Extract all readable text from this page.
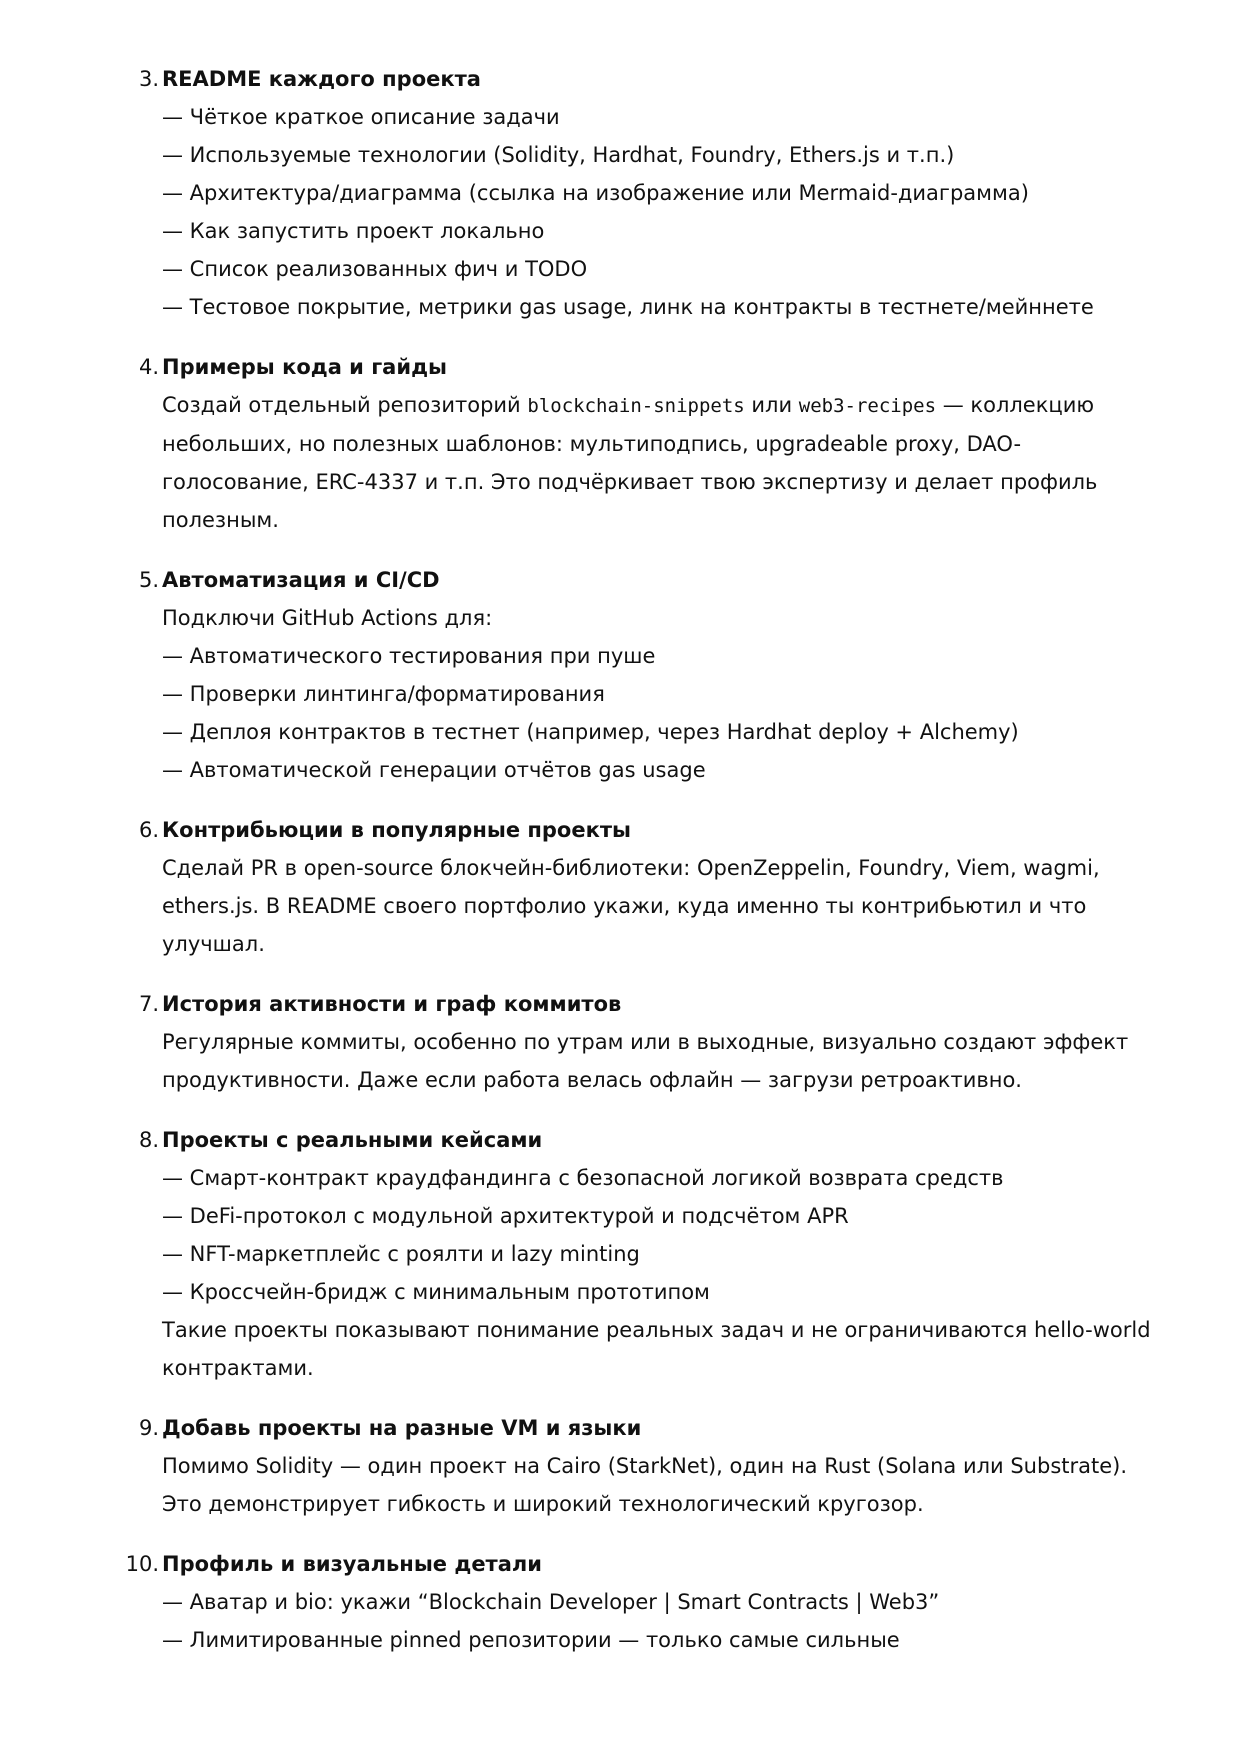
3. README каждого проекта
— Чёткое краткое описание задачи
— Используемые технологии (Solidity, Hardhat, Foundry, Ethers.js и т.п.)
— Архитектура/диаграмма (ссылка на изображение или Mermaid-диаграмма)
— Как запустить проект локально
— Список реализованных фич и TODO
— Тестовое покрытие, метрики gas usage, линк на контракты в тестнете/мейннете
4. Примеры кода и гайды
Создай отдельный репозиторий blockchain-snippets или web3-recipes — коллекцию небольших, но полезных шаблонов: мультиподпись, upgradeable proxy, DAO-голосование, ERC-4337 и т.п. Это подчёркивает твою экспертизу и делает профиль полезным.
5. Автоматизация и CI/CD
Подключи GitHub Actions для:
— Автоматического тестирования при пуше
— Проверки линтинга/форматирования
— Деплоя контрактов в тестнет (например, через Hardhat deploy + Alchemy)
— Автоматической генерации отчётов gas usage
6. Контрибьюции в популярные проекты
Сделай PR в open-source блокчейн-библиотеки: OpenZeppelin, Foundry, Viem, wagmi, ethers.js. В README своего портфолио укажи, куда именно ты контрибьютил и что улучшал.
7. История активности и граф коммитов
Регулярные коммиты, особенно по утрам или в выходные, визуально создают эффект продуктивности. Даже если работа велась офлайн — загрузи ретроактивно.
8. Проекты с реальными кейсами
— Смарт-контракт краудфандинга с безопасной логикой возврата средств
— DeFi-протокол с модульной архитектурой и подсчётом APR
— NFT-маркетплейс с роялти и lazy minting
— Кроссчейн-бридж с минимальным прототипом
Такие проекты показывают понимание реальных задач и не ограничиваются hello-world контрактами.
9. Добавь проекты на разные VM и языки
Помимо Solidity — один проект на Cairo (StarkNet), один на Rust (Solana или Substrate). Это демонстрирует гибкость и широкий технологический кругозор.
10. Профиль и визуальные детали
— Аватар и bio: укажи “Blockchain Developer | Smart Contracts | Web3”
— Лимитированные pinned репозитории — только самые сильные
